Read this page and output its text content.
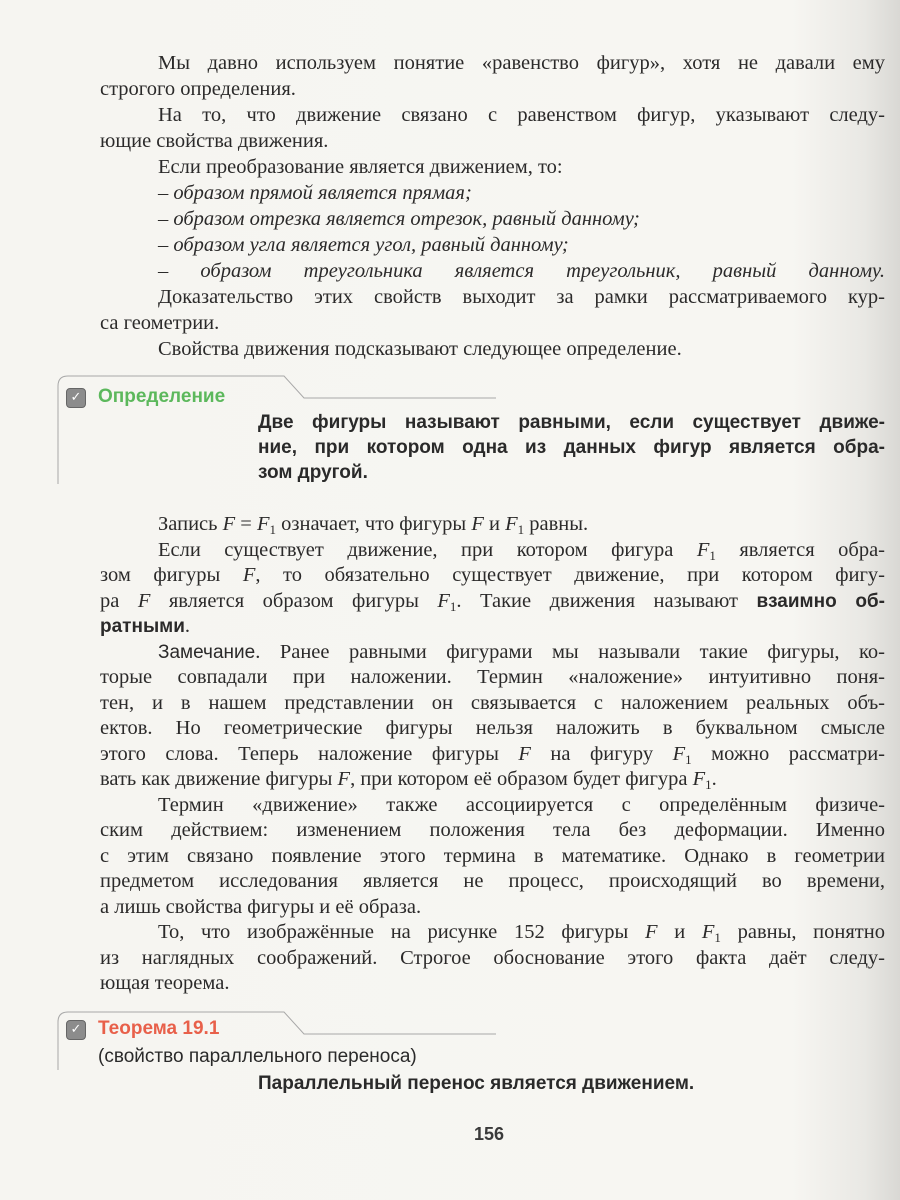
Мы давно используем понятие «равенство фигур», хотя не давали ему
строгого определения.
На то, что движение связано с равенством фигур, указывают следу-
ющие свойства движения.
Если преобразование является движением, то:
– образом прямой является прямая;
– образом отрезка является отрезок, равный данному;
– образом угла является угол, равный данному;
– образом треугольника является треугольник, равный данному.
Доказательство этих свойств выходит за рамки рассматриваемого кур-
са геометрии.
Свойства движения подсказывают следующее определение.
✓ Определение
Две фигуры называют равными, если существует движе-
ние, при котором одна из данных фигур является обра-
зом другой.
Запись $F = F_1$ означает, что фигуры F и $F_1$ равны.
Если существует движение, при котором фигура $F_1$ является обра-
зом фигуры F, то обязательно существует движение, при котором фигу-
ра F является образом фигуры $F_1$. Такие движения называют взаимно об-
ратными.
Замечание. Ранее равными фигурами мы называли такие фигуры, ко-
торые совпадали при наложении. Термин «наложение» интуитивно поня-
тен, и в нашем представлении он связывается с наложением реальных объ-
ектов. Но геометрические фигуры нельзя наложить в буквальном смысле
этого слова. Теперь наложение фигуры F на фигуру $F_1$ можно рассматри-
вать как движение фигуры F, при котором её образом будет фигура $F_1$.
Термин «движение» также ассоциируется с определённым физиче-
ским действием: изменением положения тела без деформации. Именно
с этим связано появление этого термина в математике. Однако в геометрии
предметом исследования является не процесс, происходящий во времени,
а лишь свойства фигуры и её образа.
То, что изображённые на рисунке 152 фигуры F и $F_1$ равны, понятно
из наглядных соображений. Строгое обоснование этого факта даёт следу-
ющая теорема.
✓ Теорема 19.1
(свойство параллельного переноса)
Параллельный перенос является движением.
156
